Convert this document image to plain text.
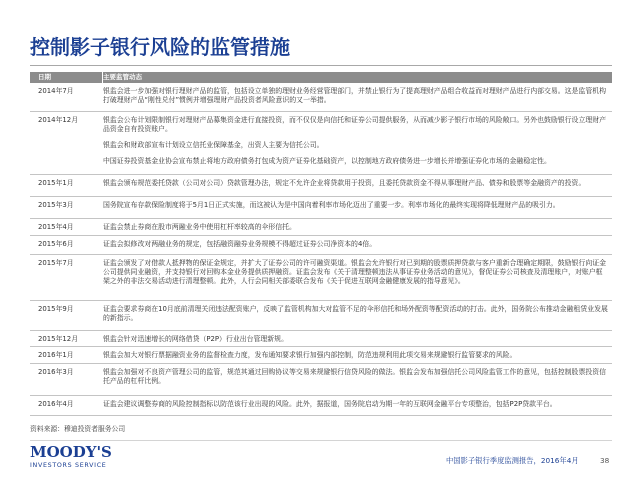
控制影子银行风险的监管措施
日期	主要监管动态
2014年7月	银监会进一步加强对银行理财产品的监管，包括设立单独的理财业务经营管理部门，并禁止银行为了提高理财产品组合收益而对理财产品进行内部交易。这是监管机构打破理财产品“刚性兑付”惯例并增强理财产品投资者风险意识的又一举措。

2014年12月	银监会公布计划限制银行对理财产品募集资金进行直接投资，而不仅仅是向信托和证券公司提供服务，从而减少影子银行市场的风险敞口。另外也鼓励银行设立理财产品资金自有投资账户。

银监会和财政部宣布计划设立信托业保障基金，出资人主要为信托公司。

中国证券投资基金业协会宣布禁止将地方政府债务打包成为资产证券化基础资产，以控制地方政府债务进一步增长并增强证券化市场的金融稳定性。

2015年1月	银监会颁布规范委托贷款（公司对公司）贷款管理办法，规定不允许企业将贷款用于投资，且委托贷款资金不得从事理财产品、债券和股票等金融资产的投资。

2015年3月	国务院宣布存款保险制度将于5月1日正式实施，而这被认为是中国向着利率市场化迈出了重要一步。利率市场化的最终实现将降低理财产品的吸引力。

2015年4月	证监会禁止券商在股市两融业务中使用杠杆率较高的伞形信托。

2015年6月	证监会拟修改对两融业务的规定，包括融资融券业务规模不得超过证券公司净资本的4倍。

2015年7月	证监会颁发了对借款人抵押物的保证金规定，并扩大了证券公司的许可融资渠道。银监会允许银行对已到期的股票质押贷款与客户重新合理确定期限，鼓励银行向证金公司提供同业融资，并支持银行对回购本金业务提供质押融资。证监会发布《关于清理整顿违法从事证券业务活动的意见》，督促证券公司核查及清理账户，对账户框架之外的非法交易活动进行清理整顿。此外，人行会同相关部委联合发布《关于促进互联网金融健康发展的指导意见》。

2015年9月	证监会要求券商在10月底前清理关闭违法配资账户，反映了监管机构加大对监管不足的伞形信托和场外配资等配资活动的打击。此外，国务院公布推动金融租赁业发展的新指示。

2015年12月	银监会针对迅速增长的网络借贷（P2P）行业出台管理新规。

2016年1月	银监会加大对银行票据融资业务的监督检查力度，发布通知要求银行加强内部控制，防范违规利用此项交易来规避银行监管要求的风险。

2016年3月	银监会加强对不良资产管理公司的监管，规范其通过回购协议等交易来规避银行信贷风险的做法。银监会发布加强信托公司风险监管工作的意见，包括控制股票投资信托产品的杠杆比例。

2016年4月	证监会建议调整券商的风险控制指标以防范该行业出现的风险。此外，据报道，国务院启动为期一年的互联网金融平台专项整治，包括P2P贷款平台。

资料来源：穆迪投资者服务公司
MOODY'S
INVESTORS SERVICE
中国影子银行季度监测报告，2016年4月	38
